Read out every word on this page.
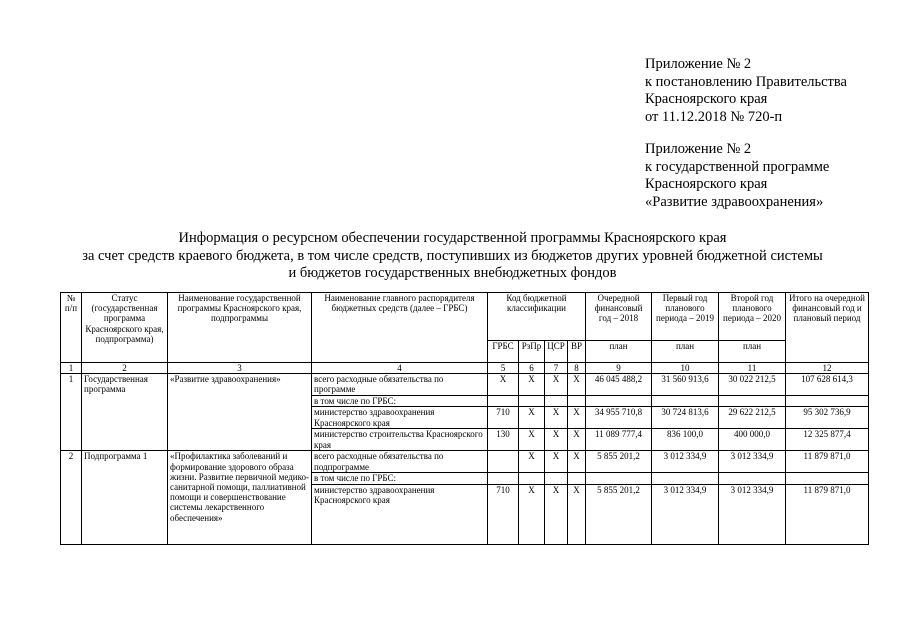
Приложение № 2
к постановлению Правительства
Красноярского края
от 11.12.2018 № 720-п
Приложение № 2
к государственной программе
Красноярского края
«Развитие здравоохранения»
Информация о ресурсном обеспечении государственной программы Красноярского края
за счет средств краевого бюджета, в том числе средств, поступивших из бюджетов других уровней бюджетной системы
и бюджетов государственных внебюджетных фондов
№ п/п	Статус (государственная программа Красноярского края, подпрограмма)	Наименование государственной программы Красноярского края, подпрограммы	Наименование главного распорядителя бюджетных средств (далее – ГРБС)	Код бюджетной классификации				Очередной финансовый год – 2018	Первый год планового периода – 2019	Второй год планового периода – 2020	Итого на очередной финансовый год и плановый период
				ГРБС	РзПр	ЦСР	ВР	план	план	план	
1	2	3	4	5	6	7	8	9	10	11	12
1	Государственная программа	«Развитие здравоохранения»	всего расходные обязательства по программе	Х	Х	Х	Х	46 045 488,2	31 560 913,6	30 022 212,5	107 628 614,3
			в том числе по ГРБС:								
			министерство здравоохранения Красноярского края	710	Х	Х	Х	34 955 710,8	30 724 813,6	29 622 212,5	95 302 736,9
			министерство строительства Красноярского края	130	Х	Х	Х	11 089 777,4	836 100,0	400 000,0	12 325 877,4
2	Подпрограмма 1	«Профилактика заболеваний и формирование здорового образа жизни. Развитие первичной медико-санитарной помощи, паллиативной помощи и совершенствование системы лекарственного обеспечения»	всего расходные обязательства по подпрограмме		Х	Х	Х	5 855 201,2	3 012 334,9	3 012 334,9	11 879 871,0
			в том числе по ГРБС:								
			министерство здравоохранения Красноярского края	710	Х	Х	Х	5 855 201,2	3 012 334,9	3 012 334,9	11 879 871,0
